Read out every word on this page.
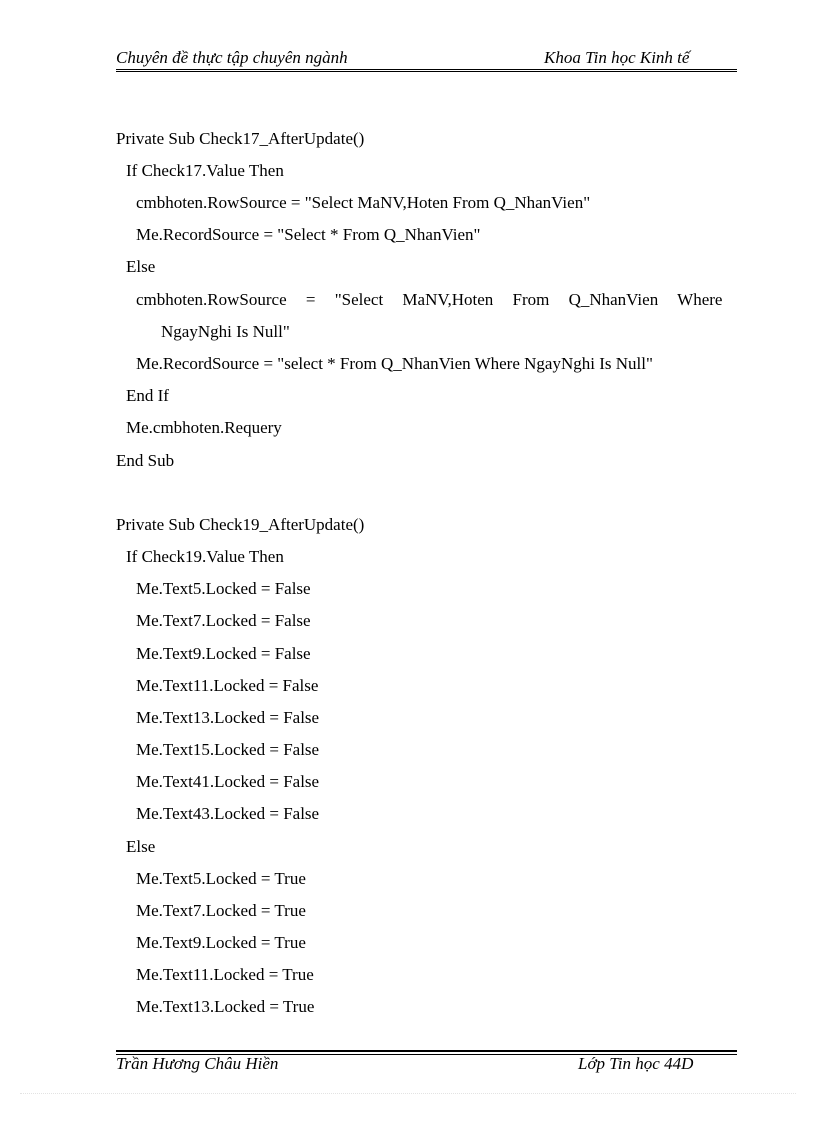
Chuyên đề thực tập chuyên ngành	Khoa Tin học Kinh tế
Private Sub Check17_AfterUpdate()
If Check17.Value Then
cmbhoten.RowSource = "Select MaNV,Hoten From Q_NhanVien"
Me.RecordSource = "Select * From Q_NhanVien"
Else
cmbhoten.RowSource = "Select MaNV,Hoten From Q_NhanVien Where
NgayNghi Is Null"
Me.RecordSource = "select * From Q_NhanVien Where NgayNghi Is Null"
End If
Me.cmbhoten.Requery
End Sub
Private Sub Check19_AfterUpdate()
If Check19.Value Then
Me.Text5.Locked = False
Me.Text7.Locked = False
Me.Text9.Locked = False
Me.Text11.Locked = False
Me.Text13.Locked = False
Me.Text15.Locked = False
Me.Text41.Locked = False
Me.Text43.Locked = False
Else
Me.Text5.Locked = True
Me.Text7.Locked = True
Me.Text9.Locked = True
Me.Text11.Locked = True
Me.Text13.Locked = True
Trần Hương Châu Hiền	Lớp Tin học 44D
